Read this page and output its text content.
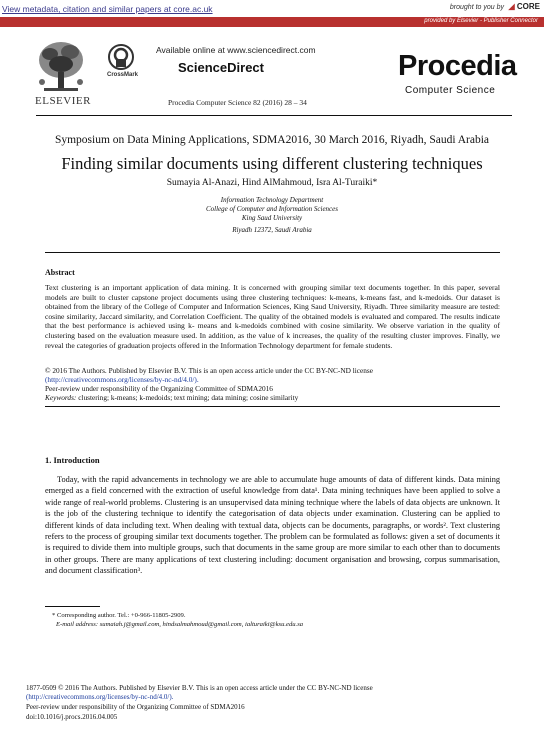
View metadata, citation and similar papers at core.ac.uk	brought to you by ◢ CORE
provided by Elsevier - Publisher Connector
ELSEVIER
CrossMark
Available online at www.sciencedirect.com
ScienceDirect
Procedia Computer Science 82 (2016) 28 – 34
Procedia
Computer Science
Symposium on Data Mining Applications, SDMA2016, 30 March 2016, Riyadh, Saudi Arabia
Finding similar documents using different clustering techniques
Sumayia Al-Anazi, Hind AlMahmoud, Isra Al-Turaiki*
Information Technology Department
College of Computer and Information Sciences
King Saud University
Riyadh 12372, Saudi Arabia
Abstract
Text clustering is an important application of data mining. It is concerned with grouping similar text documents together. In this paper, several models are built to cluster capstone project documents using three clustering techniques: k-means, k-means fast, and k-medoids. Our dataset is obtained from the library of the College of Computer and Information Sciences, King Saud University, Riyadh. Three similarity measure are tested: cosine similarity, Jaccard similarity, and Correlation Coefficient. The quality of the obtained models is evaluated and compared. The results indicate that the best performance is achieved using k- means and k-medoids combined with cosine similarity. We observe variation in the quality of clustering based on the evaluation measure used. In addition, as the value of k increases, the quality of the resulting cluster improves. Finally, we reveal the categories of graduation projects offered in the Information Technology department for female students.
© 2016 The Authors. Published by Elsevier B.V. This is an open access article under the CC BY-NC-ND license
(http://creativecommons.org/licenses/by-nc-nd/4.0/).
Peer-review under responsibility of the Organizing Committee of SDMA2016
Keywords: clustering; k-means; k-medoids; text mining; data mining; cosine similarity
1. Introduction

Today, with the rapid advancements in technology we are able to accumulate huge amounts of data of different kinds. Data mining emerged as a field concerned with the extraction of useful knowledge from data¹. Data mining techniques have been applied to solve a wide range of real-world problems. Clustering is an unsupervised data mining technique where the labels of data objects are unknown. It is the job of the clustering technique to identify the categorisation of data objects under examination. Clustering can be applied to different kinds of data including text. When dealing with textual data, objects can be documents, paragraphs, or words². Text clustering refers to the process of grouping similar text documents together. The problem can be formulated as follows: given a set of documents it is required to divide them into multiple groups, such that documents in the same group are more similar to each other than to documents in other groups. There are many applications of text clustering including: document organisation and browsing, corpus summarisation, and document classification³.

* Corresponding author. Tel.: +0-966-11805-2909.
E-mail address: sumaiah.j@gmail.com, hindsalmahmoud@gmail.com, ialturaiki@ksu.edu.sa
1877-0509 © 2016 The Authors. Published by Elsevier B.V. This is an open access article under the CC BY-NC-ND license
(http://creativecommons.org/licenses/by-nc-nd/4.0/).
Peer-review under responsibility of the Organizing Committee of SDMA2016
doi:10.1016/j.procs.2016.04.005
